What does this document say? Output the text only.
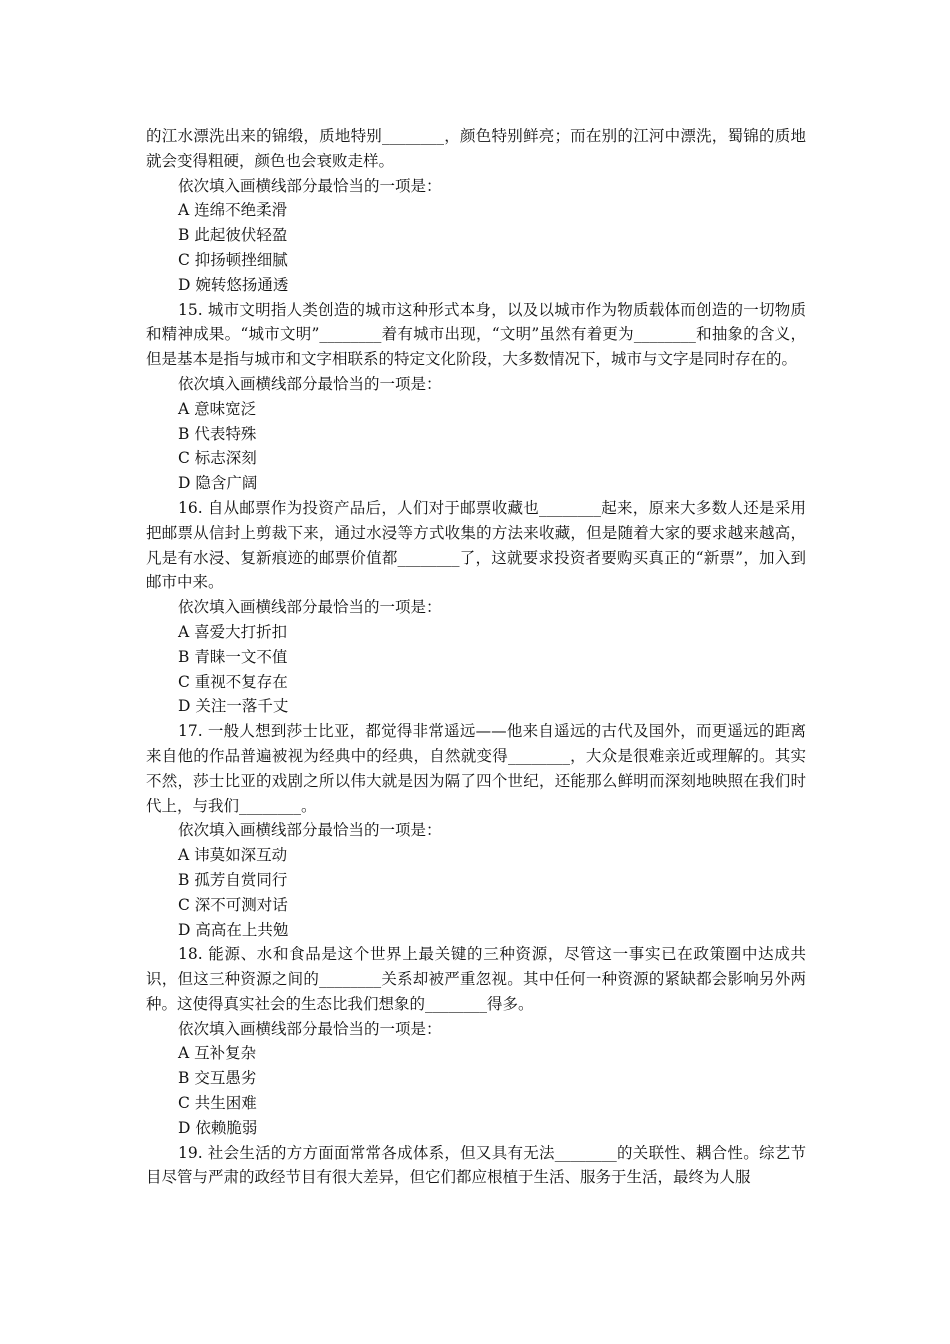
的江水漂洗出来的锦缎，质地特别________，颜色特别鲜亮；而在别的江河中漂洗，蜀锦的质地就会变得粗硬，颜色也会衰败走样。

依次填入画横线部分最恰当的一项是：

A 连绵不绝柔滑

B 此起彼伏轻盈

C 抑扬顿挫细腻

D 婉转悠扬通透

15. 城市文明指人类创造的城市这种形式本身，以及以城市作为物质载体而创造的一切物质和精神成果。“城市文明”________着有城市出现，“文明”虽然有着更为________和抽象的含义，但是基本是指与城市和文字相联系的特定文化阶段，大多数情况下，城市与文字是同时存在的。

依次填入画横线部分最恰当的一项是：

A 意味宽泛

B 代表特殊

C 标志深刻

D 隐含广阔

16. 自从邮票作为投资产品后，人们对于邮票收藏也________起来，原来大多数人还是采用把邮票从信封上剪裁下来，通过水浸等方式收集的方法来收藏，但是随着大家的要求越来越高，凡是有水浸、复新痕迹的邮票价值都________了，这就要求投资者要购买真正的“新票”，加入到邮市中来。

依次填入画横线部分最恰当的一项是：

A 喜爱大打折扣

B 青睐一文不值

C 重视不复存在

D 关注一落千丈

17. 一般人想到莎士比亚，都觉得非常遥远——他来自遥远的古代及国外，而更遥远的距离来自他的作品普遍被视为经典中的经典，自然就变得________，大众是很难亲近或理解的。其实不然，莎士比亚的戏剧之所以伟大就是因为隔了四个世纪，还能那么鲜明而深刻地映照在我们时代上，与我们________。

依次填入画横线部分最恰当的一项是：

A 讳莫如深互动

B 孤芳自赏同行

C 深不可测对话

D 高高在上共勉

18. 能源、水和食品是这个世界上最关键的三种资源，尽管这一事实已在政策圈中达成共识，但这三种资源之间的________关系却被严重忽视。其中任何一种资源的紧缺都会影响另外两种。这使得真实社会的生态比我们想象的________得多。

依次填入画横线部分最恰当的一项是：

A 互补复杂

B 交互愚劣

C 共生困难

D 依赖脆弱

19. 社会生活的方方面面常常各成体系，但又具有无法________的关联性、耦合性。综艺节目尽管与严肃的政经节目有很大差异，但它们都应根植于生活、服务于生活，最终为人服
